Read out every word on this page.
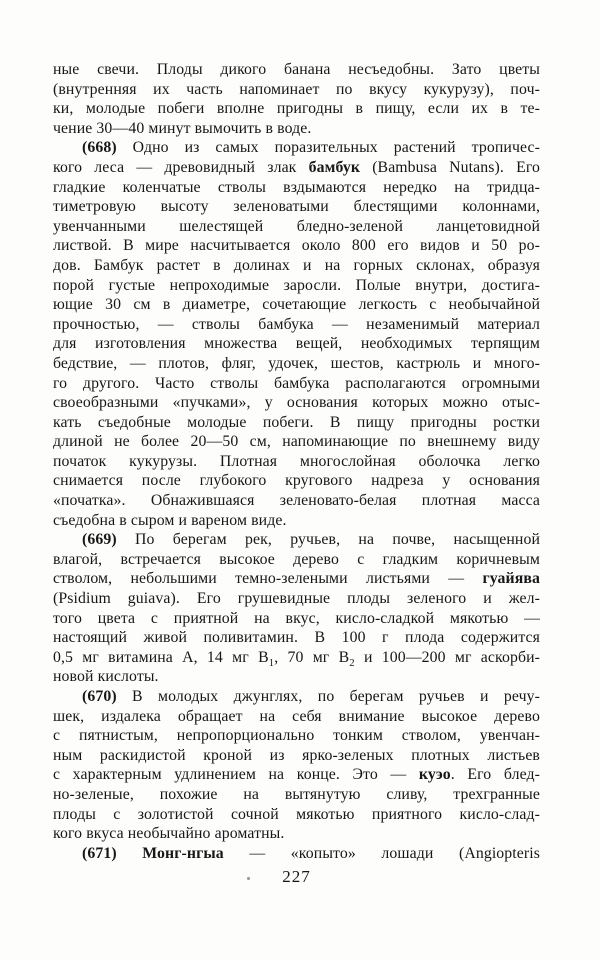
ные свечи. Плоды дикого банана несъедобны. Зато цветы
(внутренняя их часть напоминает по вкусу кукурузу), поч-
ки, молодые побеги вполне пригодны в пищу, если их в те-
чение 30—40 минут вымочить в воде.
(668) Одно из самых поразительных растений тропичес-
кого леса — древовидный злак бамбук (Bambusa Nutans). Его
гладкие коленчатые стволы вздымаются нередко на тридца-
тиметровую высоту зеленоватыми блестящими колоннами,
увенчанными шелестящей бледно-зеленой ланцетовидной
листвой. В мире насчитывается около 800 его видов и 50 ро-
дов. Бамбук растет в долинах и на горных склонах, образуя
порой густые непроходимые заросли. Полые внутри, достига-
ющие 30 см в диаметре, сочетающие легкость с необычайной
прочностью, — стволы бамбука — незаменимый материал
для изготовления множества вещей, необходимых терпящим
бедствие, — плотов, фляг, удочек, шестов, кастрюль и много-
го другого. Часто стволы бамбука располагаются огромными
своеобразными «пучками», у основания которых можно отыс-
кать съедобные молодые побеги. В пищу пригодны ростки
длиной не более 20—50 см, напоминающие по внешнему виду
початок кукурузы. Плотная многослойная оболочка легко
снимается после глубокого кругового надреза у основания
«початка». Обнажившаяся зеленовато-белая плотная масса
съедобна в сыром и вареном виде.
(669) По берегам рек, ручьев, на почве, насыщенной
влагой, встречается высокое дерево с гладким коричневым
стволом, небольшими темно-зелеными листьями — гуайява
(Psidium guiava). Его грушевидные плоды зеленого и жел-
того цвета с приятной на вкус, кисло-сладкой мякотью —
настоящий живой поливитамин. В 100 г плода содержится
0,5 мг витамина А, 14 мг $В_1$, 70 мг $В_2$ и 100—200 мг аскорби-
новой кислоты.
(670) В молодых джунглях, по берегам ручьев и речу-
шек, издалека обращает на себя внимание высокое дерево
с пятнистым, непропорционально тонким стволом, увенчан-
ным раскидистой кроной из ярко-зеленых плотных листьев
с характерным удлинением на конце. Это — куэо. Его блед-
но-зеленые, похожие на вытянутую сливу, трехгранные
плоды с золотистой сочной мякотью приятного кисло-слад-
кого вкуса необычайно ароматны.
(671) Монг-нгыа — «копыто» лошади (Angiopteris
227
